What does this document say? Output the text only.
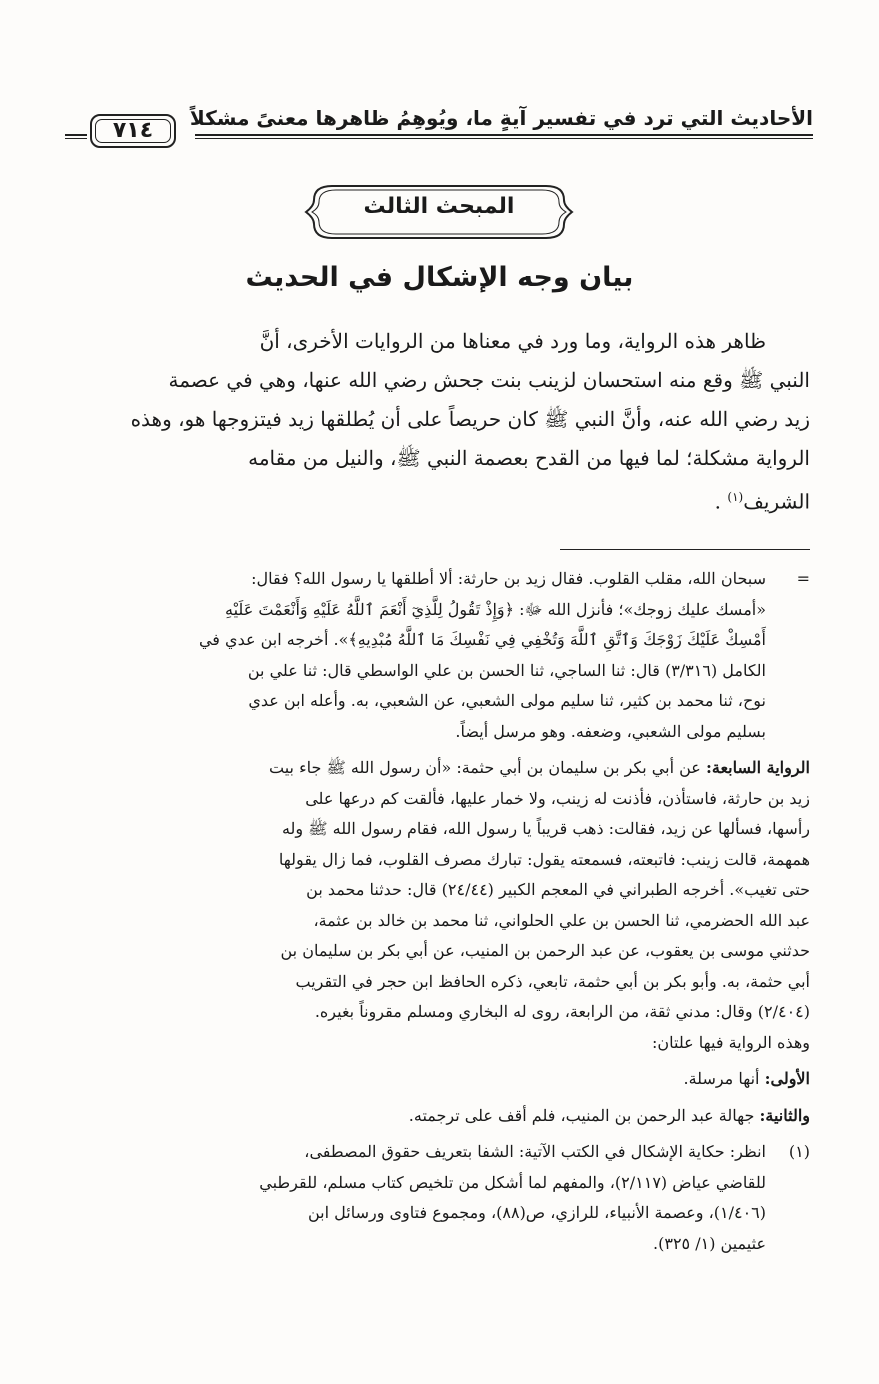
الأحاديث التي ترد في تفسير آيةٍ ما، ويُوهِمُ ظاهرها معنىً مشكلاً
٧١٤
المبحث الثالث
بيان وجه الإشكال في الحديث
ظاهر هذه الرواية، وما ورد في معناها من الروايات الأخرى، أنَّ
النبي ﷺ وقع منه استحسان لزينب بنت جحش رضي الله عنها، وهي في عصمة
زيد رضي الله عنه، وأنَّ النبي ﷺ كان حريصاً على أن يُطلقها زيد فيتزوجها هو، وهذه
الرواية مشكلة؛ لما فيها من القدح بعصمة النبي ﷺ، والنيل من مقامه
الشريف$^{(١)}$ .
=
سبحان الله، مقلب القلوب. فقال زيد بن حارثة: ألا أطلقها يا رسول الله؟ فقال:
«أمسك عليك زوجك»؛ فأنزل الله ﷻ: ﴿وَإِذْ تَقُولُ لِلَّذِيٓ أَنْعَمَ ٱللَّهُ عَلَيْهِ وَأَنْعَمْتَ عَلَيْهِ
أَمْسِكْ عَلَيْكَ زَوْجَكَ وَٱتَّقِ ٱللَّهَ وَتُخْفِي فِي نَفْسِكَ مَا ٱللَّهُ مُبْدِيهِ﴾». أخرجه ابن عدي في
الكامل (٣/٣١٦) قال: ثنا الساجي، ثنا الحسن بن علي الواسطي قال: ثنا علي بن
نوح، ثنا محمد بن كثير، ثنا سليم مولى الشعبي، عن الشعبي، به. وأعله ابن عدي
بسليم مولى الشعبي، وضعفه. وهو مرسل أيضاً.
الرواية السابعة: عن أبي بكر بن سليمان بن أبي حثمة: «أن رسول الله ﷺ جاء بيت
زيد بن حارثة، فاستأذن، فأذنت له زينب، ولا خمار عليها، فألقت كم درعها على
رأسها، فسألها عن زيد، فقالت: ذهب قريباً يا رسول الله، فقام رسول الله ﷺ وله
همهمة، قالت زينب: فاتبعته، فسمعته يقول: تبارك مصرف القلوب، فما زال يقولها
حتى تغيب». أخرجه الطبراني في المعجم الكبير (٢٤/٤٤) قال: حدثنا محمد بن
عبد الله الحضرمي، ثنا الحسن بن علي الحلواني، ثنا محمد بن خالد بن عثمة،
حدثني موسى بن يعقوب، عن عبد الرحمن بن المنيب، عن أبي بكر بن سليمان بن
أبي حثمة، به. وأبو بكر بن أبي حثمة، تابعي، ذكره الحافظ ابن حجر في التقريب
(٢/٤٠٤) وقال: مدني ثقة، من الرابعة، روى له البخاري ومسلم مقروناً بغيره.
وهذه الرواية فيها علتان:
الأولى: أنها مرسلة.
والثانية: جهالة عبد الرحمن بن المنيب، فلم أقف على ترجمته.
(١)
انظر: حكاية الإشكال في الكتب الآتية: الشفا بتعريف حقوق المصطفى،
للقاضي عياض (٢/١١٧)، والمفهم لما أشكل من تلخيص كتاب مسلم، للقرطبي
(١/٤٠٦)، وعصمة الأنبياء، للرازي، ص(٨٨)، ومجموع فتاوى ورسائل ابن
عثيمين (١/ ٣٢٥).
